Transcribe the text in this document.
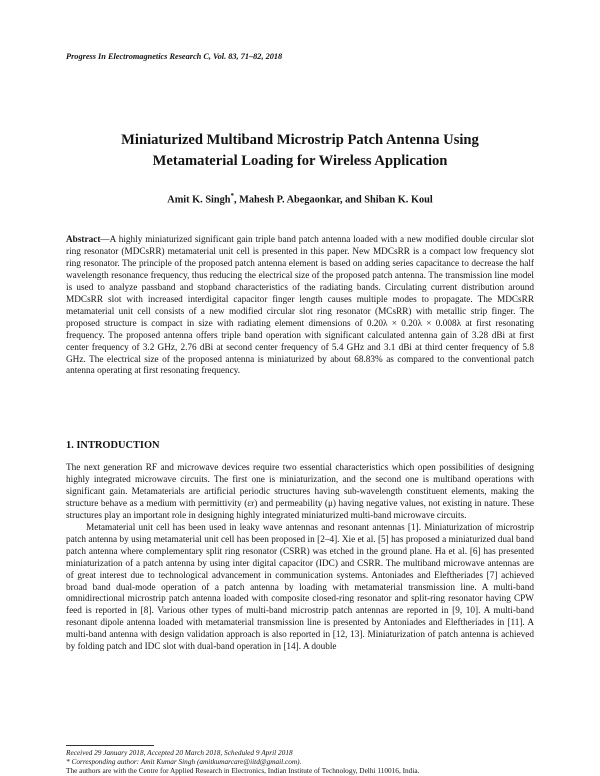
Progress In Electromagnetics Research C, Vol. 83, 71–82, 2018
Miniaturized Multiband Microstrip Patch Antenna Using
Metamaterial Loading for Wireless Application
Amit K. Singh*, Mahesh P. Abegaonkar, and Shiban K. Koul
Abstract—A highly miniaturized significant gain triple band patch antenna loaded with a new modified double circular slot ring resonator (MDCsRR) metamaterial unit cell is presented in this paper. New MDCsRR is a compact low frequency slot ring resonator. The principle of the proposed patch antenna element is based on adding series capacitance to decrease the half wavelength resonance frequency, thus reducing the electrical size of the proposed patch antenna. The transmission line model is used to analyze passband and stopband characteristics of the radiating bands. Circulating current distribution around MDCsRR slot with increased interdigital capacitor finger length causes multiple modes to propagate. The MDCsRR metamaterial unit cell consists of a new modified circular slot ring resonator (MCsRR) with metallic strip finger. The proposed structure is compact in size with radiating element dimensions of 0.20λ × 0.20λ × 0.008λ at first resonating frequency. The proposed antenna offers triple band operation with significant calculated antenna gain of 3.28 dBi at first center frequency of 3.2 GHz, 2.76 dBi at second center frequency of 5.4 GHz and 3.1 dBi at third center frequency of 5.8 GHz. The electrical size of the proposed antenna is miniaturized by about 68.83% as compared to the conventional patch antenna operating at first resonating frequency.
1. INTRODUCTION

The next generation RF and microwave devices require two essential characteristics which open possibilities of designing highly integrated microwave circuits. The first one is miniaturization, and the second one is multiband operations with significant gain. Metamaterials are artificial periodic structures having sub-wavelength constituent elements, making the structure behave as a medium with permittivity (εr) and permeability (μ) having negative values, not existing in nature. These structures play an important role in designing highly integrated miniaturized multi-band microwave circuits.

Metamaterial unit cell has been used in leaky wave antennas and resonant antennas [1]. Miniaturization of microstrip patch antenna by using metamaterial unit cell has been proposed in [2–4]. Xie et al. [5] has proposed a miniaturized dual band patch antenna where complementary split ring resonator (CSRR) was etched in the ground plane. Ha et al. [6] has presented miniaturization of a patch antenna by using inter digital capacitor (IDC) and CSRR. The multiband microwave antennas are of great interest due to technological advancement in communication systems. Antoniades and Eleftheriades [7] achieved broad band dual-mode operation of a patch antenna by loading with metamaterial transmission line. A multi-band omnidirectional microstrip patch antenna loaded with composite closed-ring resonator and split-ring resonator having CPW feed is reported in [8]. Various other types of multi-band microstrip patch antennas are reported in [9, 10]. A multi-band resonant dipole antenna loaded with metamaterial transmission line is presented by Antoniades and Eleftheriades in [11]. A multi-band antenna with design validation approach is also reported in [12, 13]. Miniaturization of patch antenna is achieved by folding patch and IDC slot with dual-band operation in [14]. A double

Received 29 January 2018, Accepted 20 March 2018, Scheduled 9 April 2018
* Corresponding author: Amit Kumar Singh (amitkumarcare@iitd@gmail.com).
The authors are with the Centre for Applied Research in Electronics, Indian Institute of Technology, Delhi 110016, India.
